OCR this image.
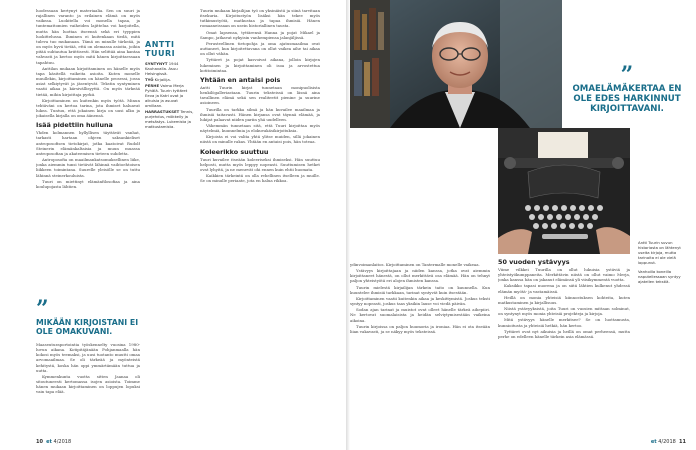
luodessaan kertynyt materiaalia. Sen on suuri ja rajallinen varanto ja erilainen elämä on myös vaikeaa. Luokitella voi monella tapaa, ja tuntemattomien vaiheiden lajittelua voi harjoitella, mutta hän luottaa itseensä sekä eri tyyppien luokittelussa. Ihminen ei kuitenkaan tiedä, mitä tuleva tuo mukanaan. Tämä on minulle tärkeää, ja on myös hyvä tietää, että on olemassa asioita, joihin pitää suhtautua kriittisesti. Hän selittää aina kantaa vahvasti ja kertoo myös mitä hänen kirjoittaessaan tapahtuu.

Anttilan mukaan kirjoittaminen on hänelle myös tapa käsitellä vaikeita asioita. Kuten monelle muullekin, kirjoittaminen on hänelle prosessi, jossa asiat selkiytyvät ja jäsentyvät. Tekstin syntyminen vaatii aikaa ja kärsivällisyyttä. On myös tärkeää tietää, mihin kirjoittaja pyrkii.

Kirjoittaminen on kuitenkin myös työtä. Minun tehtäväni on kertoa tarina, jota ihmiset haluavat lukea. Tuntuu, että jokainen kirja on uusi alku ja jokaisella kirjalla on oma äänensä.

Isää pidettiin hulluna

Yhden kolmannen hyllyllisen täyttävät vanhat, tarkasti hartaan ohjeen saksankieliset antroposofisen tietokirjat, jotka kaatoivat Rudolf Steinerin elämänkaltaisia ja muun muassa antroposofian ja akateemisen tieteen suhdetta.

Antroposofia on maailmankatsomuksellinen liike, jonka aiemmin tunsi tietävät lähinnä vaihtoehtoisen liikkeen toimintana. Suurelle yleisölle se on tuttu lähinnä steinerkouluista.

Tuuri on miettinyt elämänfilosofiaa ja aina koulupojasta lähtien.

”
MIKÄÄN KIRJOISTANI EI OLE OMAKUVANI.

Maaseuturaportointia työskennelty vuosina 1980-luvun aikana. Kotipitäjänään Pohjanmaalla hän kokosi myös teemaksi, ja uusi tuotanto muutti omaa arvomaailmaa. Se oli tärkeää ja myönteistä kehitystä, koska hän oppi ymmärtämään tuttua ja uutta.

Kymmenkunta vuotta sitten Jaanaa oli sitoutuneesti kertomassa isojen asioista. Toimme hänen mukaan kirjoittaminen on loppujen lopuksi vain tapa elää.

ANTTI TUURI
SYNTYNYT 1944 Kauhavalla. Asuu Helsingissä.
TYÖ Kirjailija.
PERHE Vaimo Merja Pyhälä. Tuurin tyttäret Eeva ja Katri ovat jo aikuisia ja asuvat omillaan.
HARRASTUKSET Tennis, purjehdus, mökkeily ja metsästys. Lukemista ja matkustamista.

Tuurin mukaan kirjailijan työ on yksinäistä ja siinä tarvitaan itsekuria. Kirjoitustyön lisäksi hän tekee myös tutkimustyötä, matkustaa ja tapaa ihmisiä. Hänen romaaneissaan on usein historiallinen tausta.

Omat lapsensa, tyttärensä Hanna ja pojat Mikael ja Sampo, jatkavat nykyisin vanhempiensa jalanjäljissä.

Perusteellinen tietopohja ja oma ajatusmaailma ovat auttaneet, kun kirjoitettavana on ollut vaikea aihe tai aikaa on ollut vähän.

Tyttäret ja pojat kasvoivat aikana, jolloin kirjojen lukeminen ja kirjoittaminen oli isoa ja arvostettua kotitoimintaa.

Yhtään en antaisi pois

Antti Tuurin kirjat tunnetaan monipuolisista henkilögalleriastaan. Tuurin teksteissä on läsnä aina tavallinen elämä sekä sen realiteetit pienine ja suurine asioineen.

Tuurilla on tarkka silmä ja hän kuvailee maailmaa ja ihmisiä taitavasti. Hänen kirjansa ovat täynnä elämää, ja lukijat palaavat niiden pariin yhä uudelleen.

Vähemmän tunnetaan sitä, että Tuuri kirjoittaa myös näytelmiä, kuunnelmia ja elokuvakäsikirjoituksia.

Kirjoista ei voi valita yhtä ylitse muiden, sillä jokainen niistä on minulle rakas. Yhtään en antaisi pois, hän toteaa.

Koleerikko suuttuu

Tuuri kuvailee itseään koleeriseksi ihmiseksi. Hän suuttuu helposti, mutta myös leppyy nopeasti. Suuttumisen hetket ovat lyhyitä, ja ne menevät ohi ennen kuin ehtii huomata.

Kaikkien tärkeintä on olla rehellinen itselleen ja muille. Se on minulle periaate, jota en halua rikkoa.

10 et 4/2018
”
OMAELÄMÄKERTAA EN OLE EDES HARKINNUT KIRJOITTAVANI.

Antti Tuurin suvun historiasta on lähtenyt useita kirjoja, mutta tarinoita ei ole vielä loppunut.

Vanhoilla koneilla naputellessaan syntyy ajatellen tekstiä.

ydinvoimanlaitos. Kirjoittaminen on Tantermalle monelle vaikeaa.

Ystävyys kirjoittajaan ja niiden kanssa, jotka ovat aiemmin kirjoittaneet hänestä, on ollut merkittävä osa elämää. Hän on tehnyt paljon yhteistyötä eri alojen ihmisten kanssa.

Tuurin mielestä kirjailijan tärkein taito on kuunnella. Kun kuuntelee ihmisiä tarkkaan, tarinat syntyvät kuin itsestään.

Kirjoittaminen vaatii kuitenkin aikaa ja keskittymistä. Joskus teksti syntyy nopeasti, joskus taas yksikin lause voi viedä päivän.

Sodan ajan tarinat ja muistot ovat olleet hänelle tärkeä aihepiiri. Ne kertovat suomalaisista ja heidän selviytymisestään vaikeina aikoina.

Tuurin kirjoissa on paljon huumoria ja ironiaa. Hän ei ota itseään liian vakavasti, ja se näkyy myös teksteissä.

50 vuoden ystävyys

Viime vilkkei Tuurilla on ollut lukuisia ystäviä ja yhteistyökumppaneita. Merkittävin niistä on ollut vaimo Merja, jonka kanssa hän on jakanut elämänsä yli viisikymmentä vuotta.

Kaksikko tapasi nuorena ja on siitä lähtien kulkenut yhdessä elämän myötä- ja vastamäissä.

Heillä on monia yhteisiä kiinnostuksen kohteita, kuten matkustaminen ja kirjallisuus.

Niistä ystävyyksistä, joita Tuuri on vuosien mittaan solminut, on syntynyt myös monia yhteisiä projekteja ja kirjoja.

Mitä ystävyys hänelle merkitsee? Se on luottamusta, kunnioitusta ja yhteisiä hetkiä, hän kertoo.

Tyttäret ovat nyt aikuisia ja heillä on omat perheensä, mutta perhe on edelleen hänelle tärkein asia elämässä.

et 4/2018 11
